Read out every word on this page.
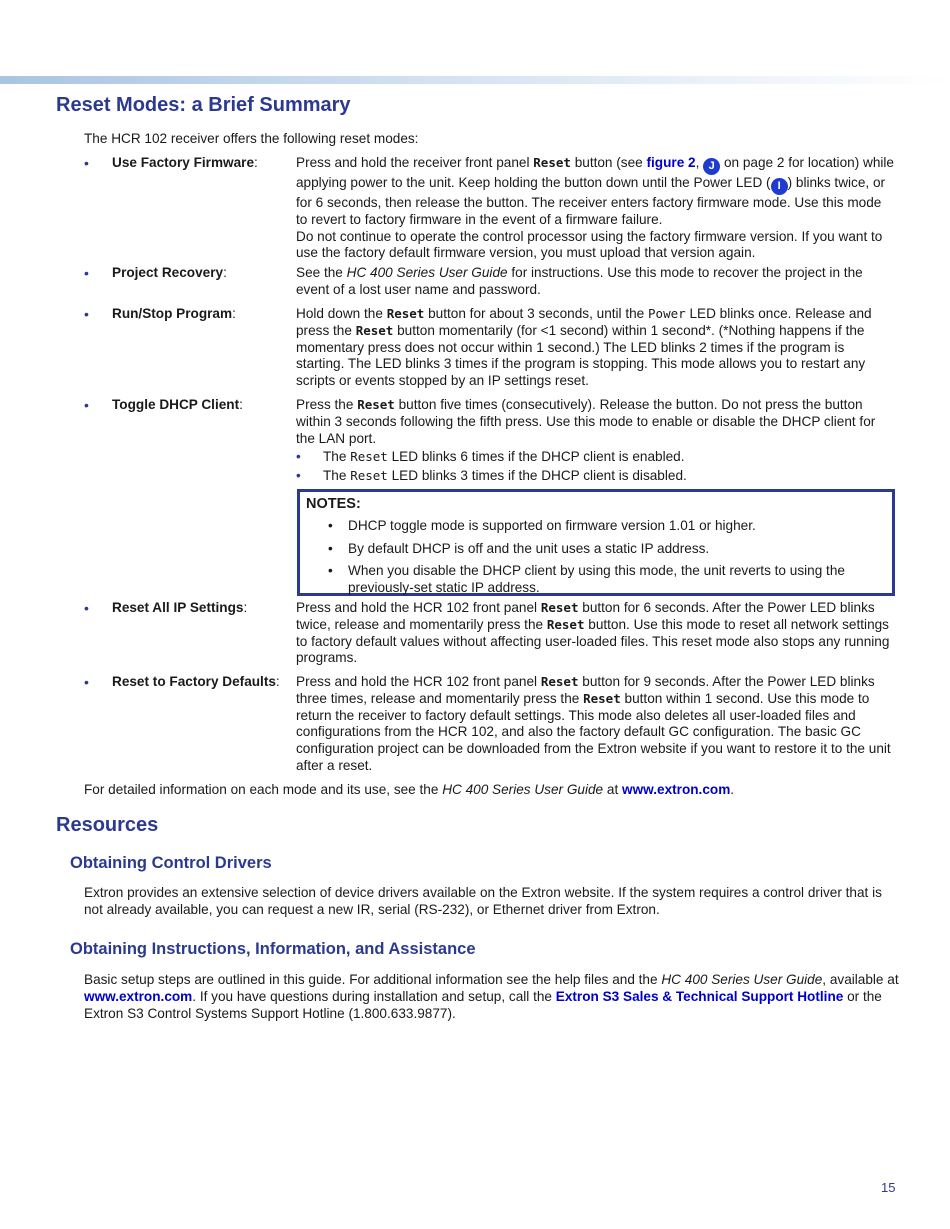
Reset Modes: a Brief Summary
The HCR 102 receiver offers the following reset modes:
• Use Factory Firmware:	Press and hold the receiver front panel Reset button (see figure 2, J on page 2 for location) while applying power to the unit. Keep holding the button down until the Power LED ( I ) blinks twice, or for 6 seconds, then release the button. The receiver enters factory firmware mode. Use this mode to revert to factory firmware in the event of a firmware failure.
Do not continue to operate the control processor using the factory firmware version. If you want to use the factory default firmware version, you must upload that version again.
• Project Recovery:	See the HC 400 Series User Guide for instructions. Use this mode to recover the project in the event of a lost user name and password.
• Run/Stop Program:	Hold down the Reset button for about 3 seconds, until the Power LED blinks once. Release and press the Reset button momentarily (for <1 second) within 1 second*. (*Nothing happens if the momentary press does not occur within 1 second.) The LED blinks 2 times if the program is starting. The LED blinks 3 times if the program is stopping. This mode allows you to restart any scripts or events stopped by an IP settings reset.
• Toggle DHCP Client:	Press the Reset button five times (consecutively). Release the button. Do not press the button within 3 seconds following the fifth press. Use this mode to enable or disable the DHCP client for the LAN port.
• The Reset LED blinks 6 times if the DHCP client is enabled.
• The Reset LED blinks 3 times if the DHCP client is disabled.
NOTES:
• DHCP toggle mode is supported on firmware version 1.01 or higher.
• By default DHCP is off and the unit uses a static IP address.
• When you disable the DHCP client by using this mode, the unit reverts to using the previously-set static IP address.
• Reset All IP Settings:	Press and hold the HCR 102 front panel Reset button for 6 seconds. After the Power LED blinks twice, release and momentarily press the Reset button. Use this mode to reset all network settings to factory default values without affecting user-loaded files. This reset mode also stops any running programs.
• Reset to Factory Defaults: Press and hold the HCR 102 front panel Reset button for 9 seconds. After the Power LED blinks three times, release and momentarily press the Reset button within 1 second. Use this mode to return the receiver to factory default settings. This mode also deletes all user-loaded files and configurations from the HCR 102, and also the factory default GC configuration. The basic GC configuration project can be downloaded from the Extron website if you want to restore it to the unit after a reset.
For detailed information on each mode and its use, see the HC 400 Series User Guide at www.extron.com.
Resources
Obtaining Control Drivers
Extron provides an extensive selection of device drivers available on the Extron website. If the system requires a control driver that is not already available, you can request a new IR, serial (RS-232), or Ethernet driver from Extron.
Obtaining Instructions, Information, and Assistance
Basic setup steps are outlined in this guide. For additional information see the help files and the HC 400 Series User Guide, available at www.extron.com. If you have questions during installation and setup, call the Extron S3 Sales & Technical Support Hotline or the Extron S3 Control Systems Support Hotline (1.800.633.9877).
15
